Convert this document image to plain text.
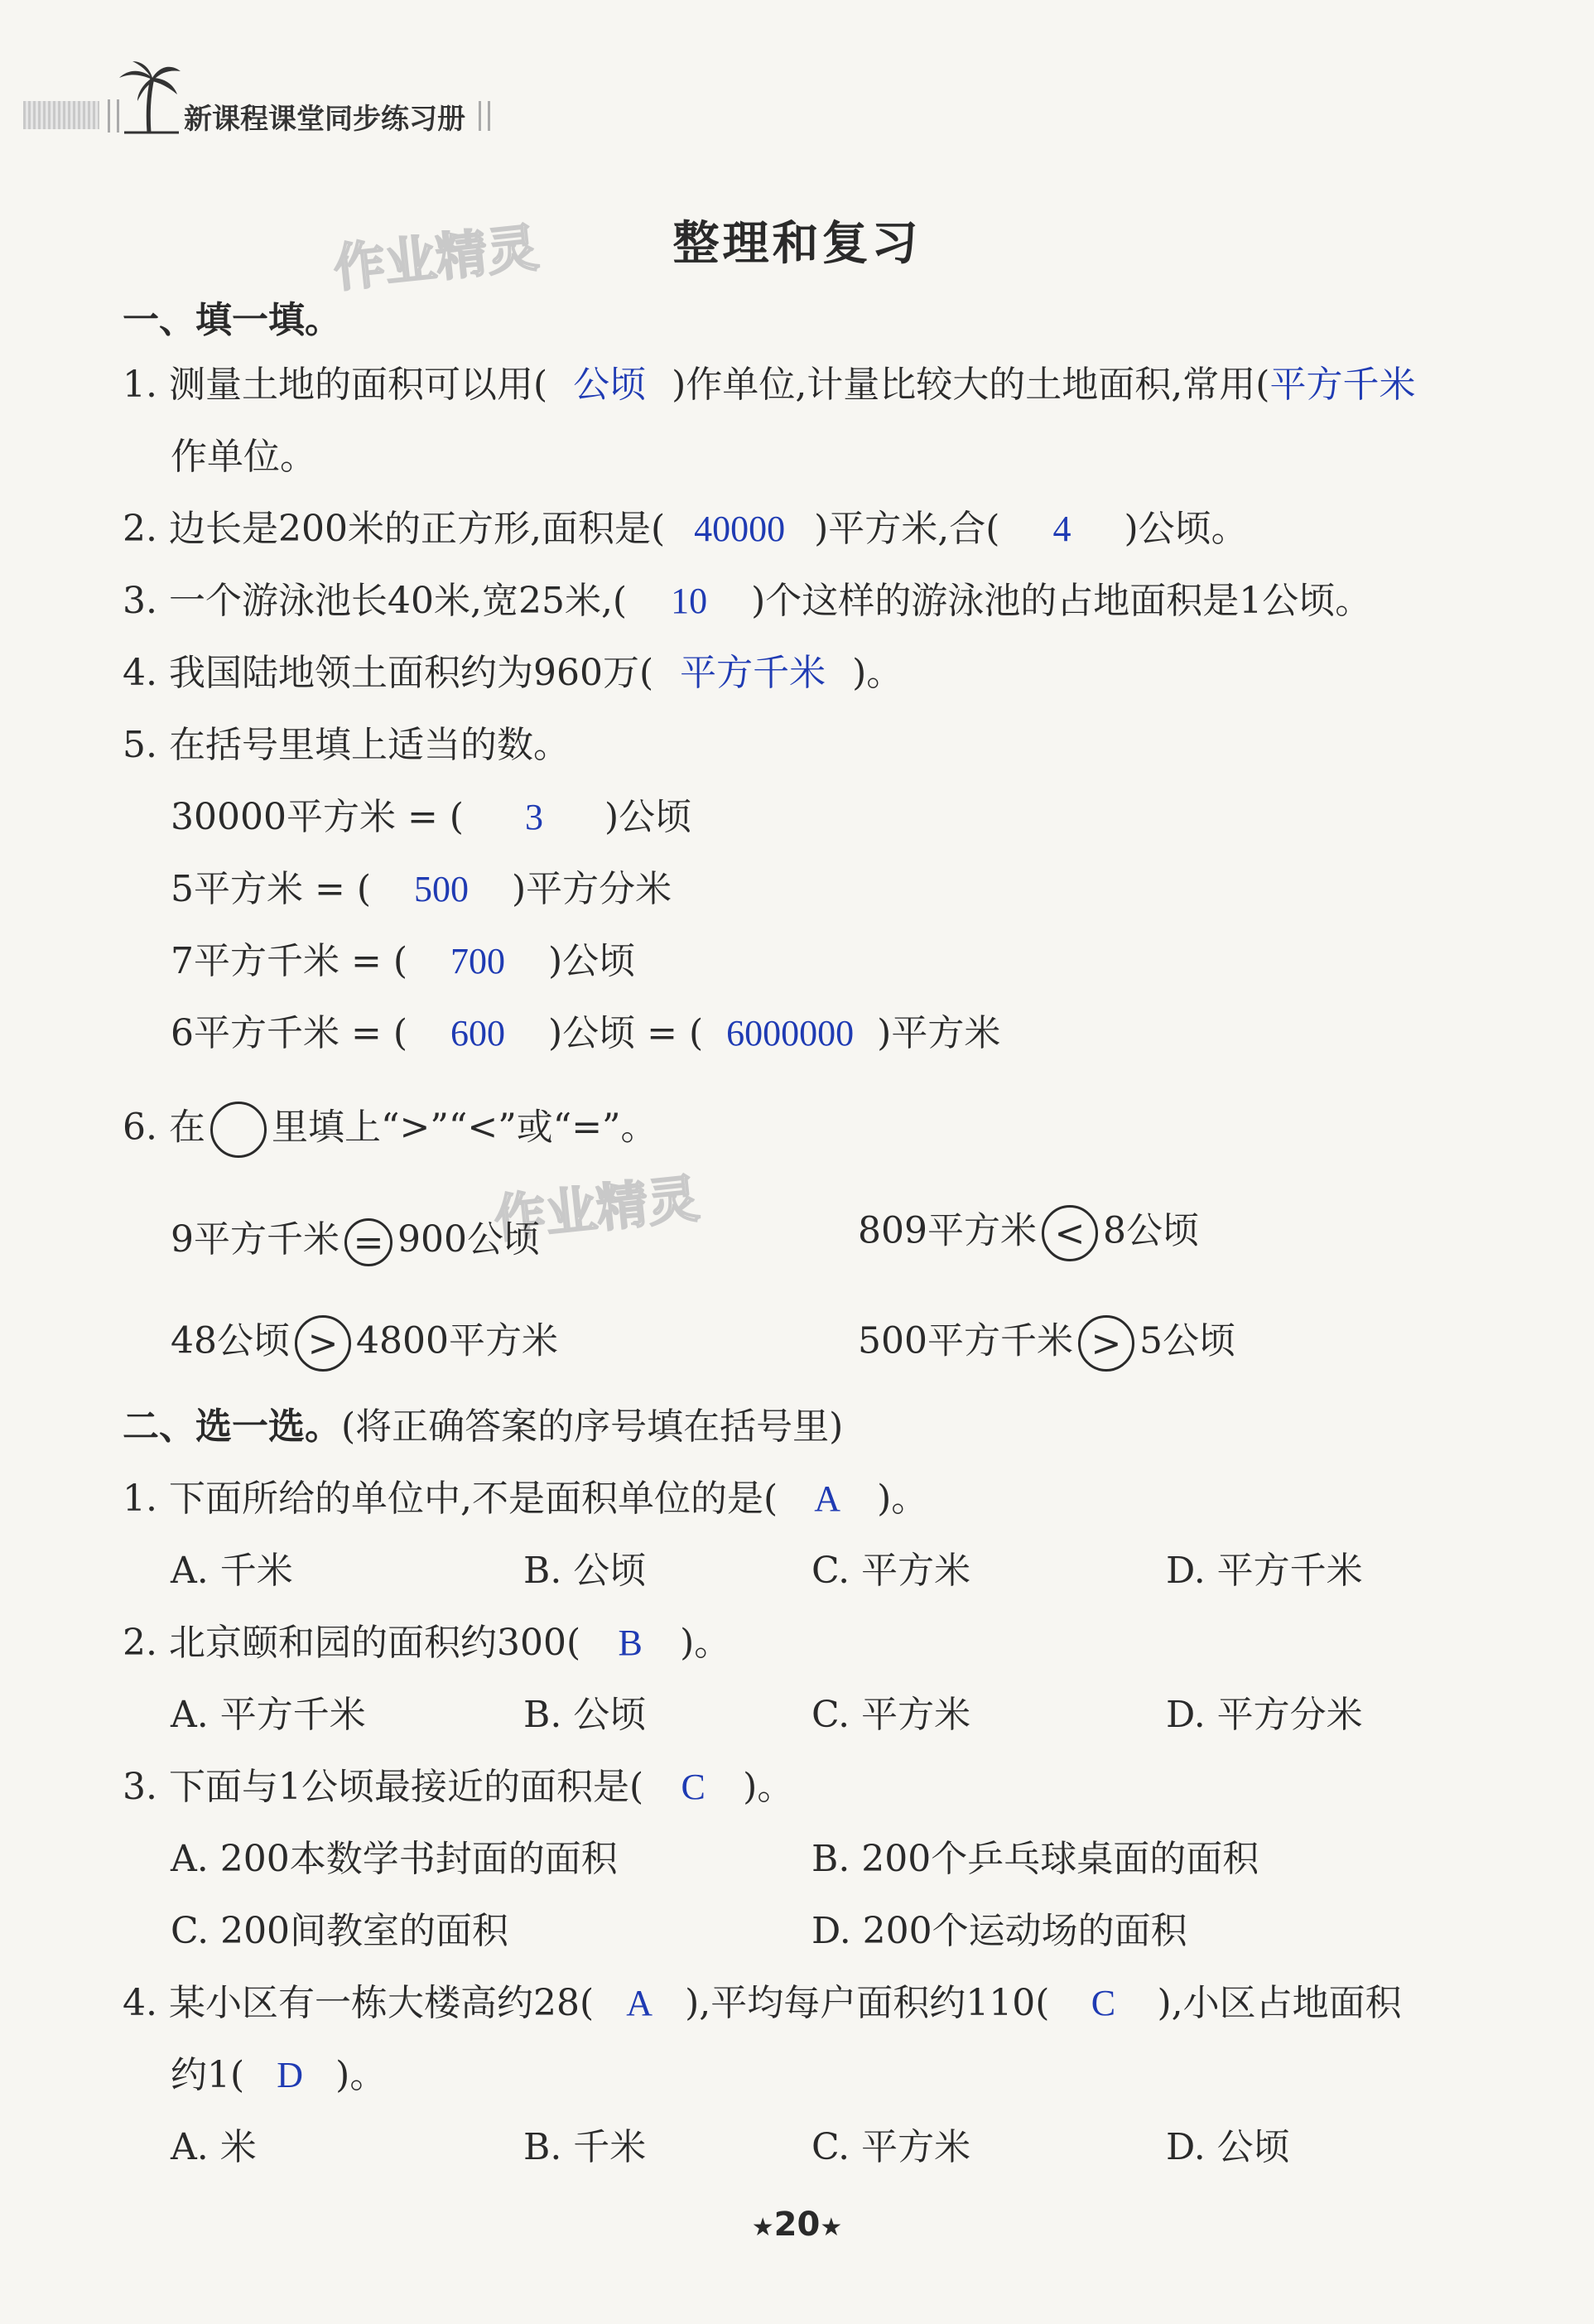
新课程课堂同步练习册
作业精灵
作业精灵
整理和复习
一、填一填。
1. 测量土地的面积可以用( 公顷 )作单位,计量比较大的土地面积,常用(平方千米
作单位。
2. 边长是200米的正方形,面积是( 40000 )平方米,合( 4 )公顷。
3. 一个游泳池长40米,宽25米,( 10 )个这样的游泳池的占地面积是1公顷。
4. 我国陆地领土面积约为960万( 平方千米 )。
5. 在括号里填上适当的数。
30000平方米 = ( 3 )公顷
5平方米 = ( 500 )平方分米
7平方千米 = ( 700 )公顷
6平方千米 = ( 600 )公顷 = ( 6000000 )平方米
6. 在 里填上“>”“<”或“=”。
9平方千米 = 900公顷	809平方米 < 8公顷
48公顷 > 4800平方米	500平方千米 > 5公顷
二、选一选。(将正确答案的序号填在括号里)
1. 下面所给的单位中,不是面积单位的是( A )。
A. 千米	B. 公顷	C. 平方米	D. 平方千米
2. 北京颐和园的面积约300( B )。
A. 平方千米	B. 公顷	C. 平方米	D. 平方分米
3. 下面与1公顷最接近的面积是( C )。
A. 200本数学书封面的面积	B. 200个乒乓球桌面的面积
C. 200间教室的面积	D. 200个运动场的面积
4. 某小区有一栋大楼高约28( A ),平均每户面积约110( C ),小区占地面积
约1( D )。
A. 米	B. 千米	C. 平方米	D. 公顷
★20★
